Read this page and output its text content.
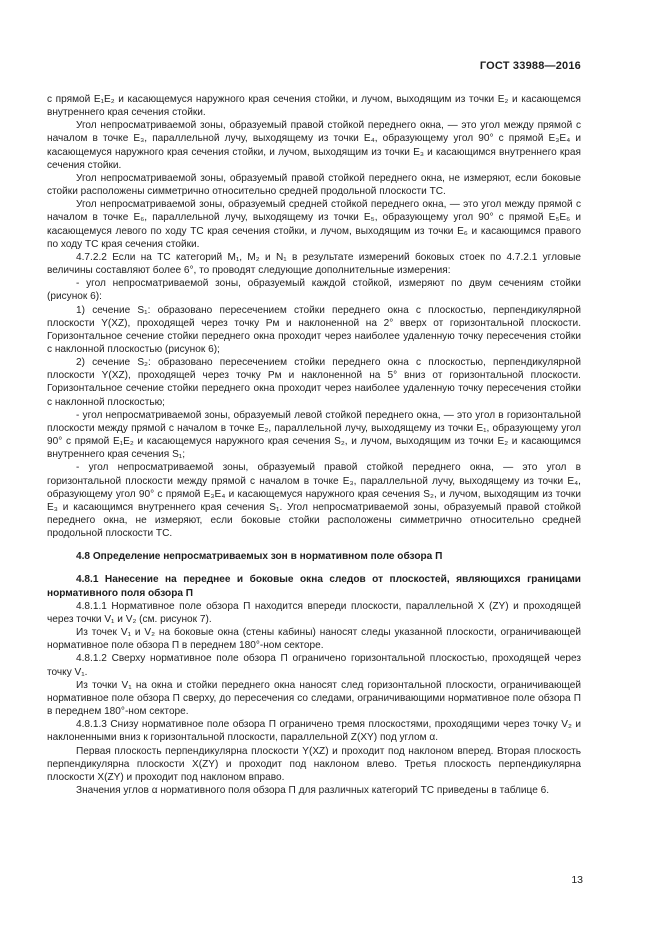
ГОСТ 33988—2016

с прямой E₁E₂ и касающемуся наружного края сечения стойки, и лучом, выходящим из точки E₂ и касающемся внутреннего края сечения стойки.

Угол непросматриваемой зоны, образуемый правой стойкой переднего окна, — это угол между прямой с началом в точке E₃, параллельной лучу, выходящему из точки E₄, образующему угол 90° с прямой E₃E₄ и касающемуся наружного края сечения стойки, и лучом, выходящим из точки E₃ и касающимся внутреннего края сечения стойки.

Угол непросматриваемой зоны, образуемый правой стойкой переднего окна, не измеряют, если боковые стойки расположены симметрично относительно средней продольной плоскости ТС.

Угол непросматриваемой зоны, образуемый средней стойкой переднего окна, — это угол между прямой с началом в точке E₆, параллельной лучу, выходящему из точки E₅, образующему угол 90° с прямой E₅E₆ и касающемуся левого по ходу ТС края сечения стойки, и лучом, выходящим из точки E₆ и касающимся правого по ходу ТС края сечения стойки.

4.7.2.2 Если на ТС категорий M₁, M₂ и N₁ в результате измерений боковых стоек по 4.7.2.1 угловые величины составляют более 6°, то проводят следующие дополнительные измерения:

- угол непросматриваемой зоны, образуемый каждой стойкой, измеряют по двум сечениям стойки (рисунок 6):

1) сечение S₁: образовано пересечением стойки переднего окна с плоскостью, перпендикулярной плоскости Y(XZ), проходящей через точку Pм и наклоненной на 2° вверх от горизонтальной плоскости. Горизонтальное сечение стойки переднего окна проходит через наиболее удаленную точку пересечения стойки с наклонной плоскостью (рисунок 6);

2) сечение S₂: образовано пересечением стойки переднего окна с плоскостью, перпендикулярной плоскости Y(XZ), проходящей через точку Pм и наклоненной на 5° вниз от горизонтальной плоскости. Горизонтальное сечение стойки переднего окна проходит через наиболее удаленную точку пересечения стойки с наклонной плоскостью;

- угол непросматриваемой зоны, образуемый левой стойкой переднего окна, — это угол в горизонтальной плоскости между прямой с началом в точке E₂, параллельной лучу, выходящему из точки E₁, образующему угол 90° с прямой E₁E₂ и касающемуся наружного края сечения S₂, и лучом, выходящим из точки E₂ и касающимся внутреннего края сечения S₁;

- угол непросматриваемой зоны, образуемый правой стойкой переднего окна, — это угол в горизонтальной плоскости между прямой с началом в точке E₃, параллельной лучу, выходящему из точки E₄, образующему угол 90° с прямой E₃E₄ и касающемуся наружного края сечения S₂, и лучом, выходящим из точки E₃ и касающимся внутреннего края сечения S₁. Угол непросматриваемой зоны, образуемый правой стойкой переднего окна, не измеряют, если боковые стойки расположены симметрично относительно средней продольной плоскости ТС.

4.8 Определение непросматриваемых зон в нормативном поле обзора П

4.8.1 Нанесение на переднее и боковые окна следов от плоскостей, являющихся границами нормативного поля обзора П

4.8.1.1 Нормативное поле обзора П находится впереди плоскости, параллельной X (ZY) и проходящей через точки V₁ и V₂ (см. рисунок 7).

Из точек V₁ и V₂ на боковые окна (стены кабины) наносят следы указанной плоскости, ограничивающей нормативное поле обзора П в переднем 180°-ном секторе.

4.8.1.2 Сверху нормативное поле обзора П ограничено горизонтальной плоскостью, проходящей через точку V₁.

Из точки V₁ на окна и стойки переднего окна наносят след горизонтальной плоскости, ограничивающей нормативное поле обзора П сверху, до пересечения со следами, ограничивающими нормативное поле обзора П в переднем 180°-ном секторе.

4.8.1.3 Снизу нормативное поле обзора П ограничено тремя плоскостями, проходящими через точку V₂ и наклоненными вниз к горизонтальной плоскости, параллельной Z(XY) под углом α.

Первая плоскость перпендикулярна плоскости Y(XZ) и проходит под наклоном вперед. Вторая плоскость перпендикулярна плоскости X(ZY) и проходит под наклоном влево. Третья плоскость перпендикулярна плоскости X(ZY) и проходит под наклоном вправо.

Значения углов α нормативного поля обзора П для различных категорий ТС приведены в таблице 6.

13
